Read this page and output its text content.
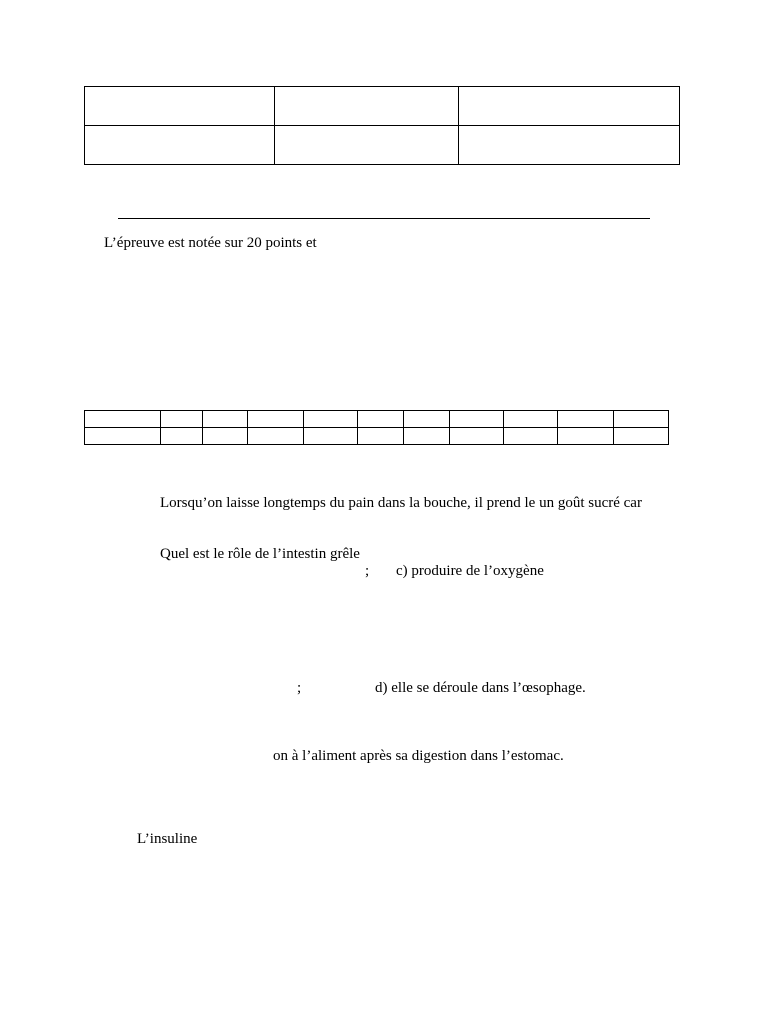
L’épreuve est notée sur 20 points et

Lorsqu’on laisse longtemps du pain dans la bouche, il prend le un goût sucré car
Quel est le rôle de l’intestin grêle
; c) produire de l’oxygène
;	d) elle se déroule dans l’œsophage.
on à l’aliment après sa digestion dans l’estomac.
L’insuline
